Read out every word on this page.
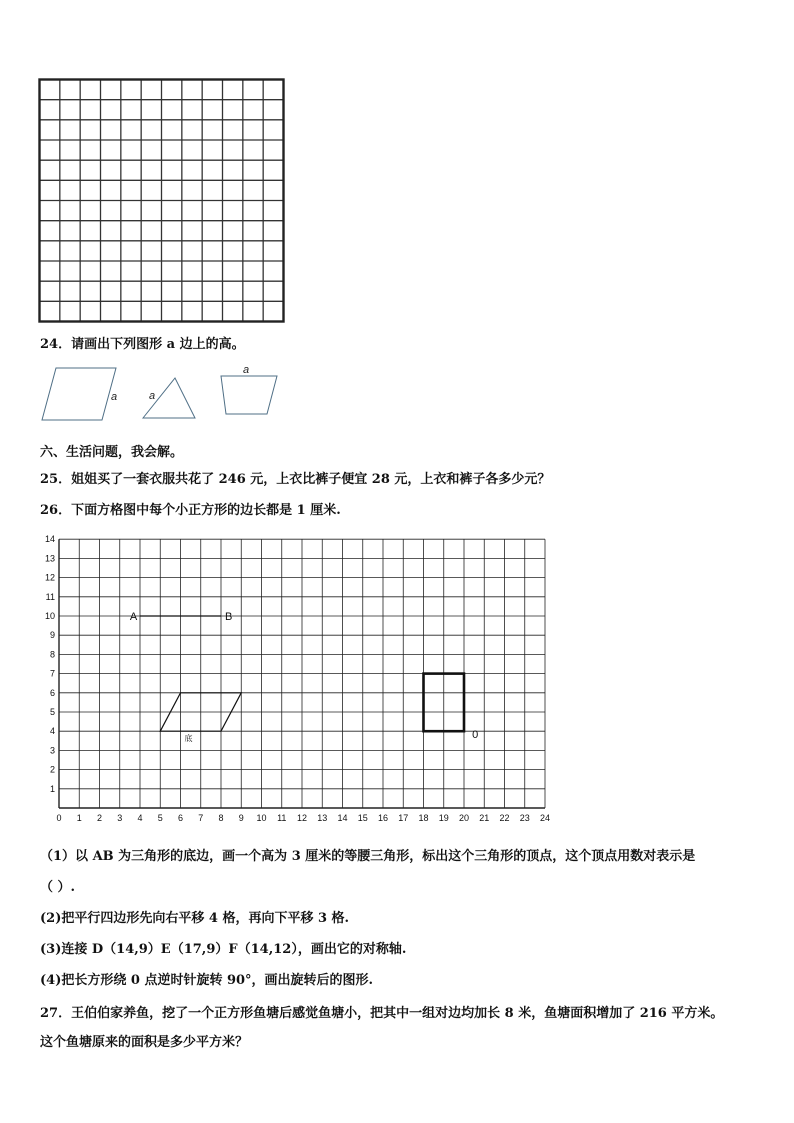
24．请画出下列图形 a 边上的高。
a	a
a
六、生活问题，我会解。
25．姐姐买了一套衣服共花了 246 元，上衣比裤子便宜 28 元，上衣和裤子各多少元？
26．下面方格图中每个小正方形的边长都是 1 厘米.
0 1 2 3 4 5 6 7 8 9 10 11 12 13 14 15 16 17 18 19 20 21 22 23 24
1
2
3
4
5
6
7
8
9
10
11
12
13
14
A	B
底	0
（1）以 AB 为三角形的底边，画一个高为 3 厘米的等腰三角形，标出这个三角形的顶点，这个顶点用数对表示是
（ ）.
(2)把平行四边形先向右平移 4 格，再向下平移 3 格.
(3)连接 D（14,9）E（17,9）F（14,12），画出它的对称轴.
(4)把长方形绕 0 点逆时针旋转 90°，画出旋转后的图形.
27．王伯伯家养鱼，挖了一个正方形鱼塘后感觉鱼塘小，把其中一组对边均加长 8 米，鱼塘面积增加了 216 平方米。
这个鱼塘原来的面积是多少平方米？
